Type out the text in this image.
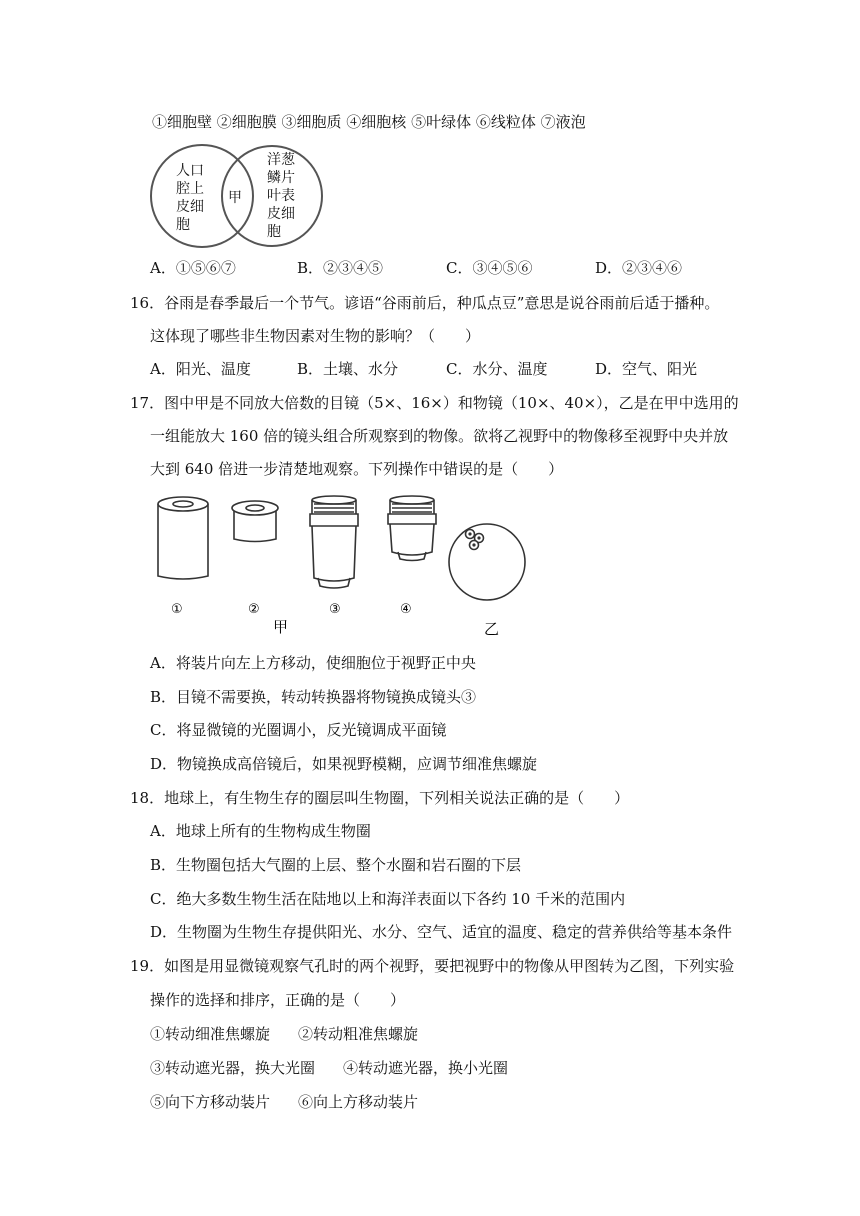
①细胞壁 ②细胞膜 ③细胞质 ④细胞核 ⑤叶绿体 ⑥线粒体 ⑦液泡
人口
腔上
皮细
胞
甲
洋葱
鳞片
叶表
皮细
胞
A．①⑤⑥⑦	B．②③④⑤	C．③④⑤⑥	D．②③④⑥
16．谷雨是春季最后一个节气。谚语“谷雨前后，种瓜点豆”意思是说谷雨前后适于播种。
这体现了哪些非生物因素对生物的影响？（　　）
A．阳光、温度	B．土壤、水分	C．水分、温度	D．空气、阳光
17．图中甲是不同放大倍数的目镜（5×、16×）和物镜（10×、40×），乙是在甲中选用的
一组能放大 160 倍的镜头组合所观察到的物像。欲将乙视野中的物像移至视野中央并放
大到 640 倍进一步清楚地观察。下列操作中错误的是（　　）
①	②	③	④
甲	乙
A．将装片向左上方移动，使细胞位于视野正中央
B．目镜不需要换，转动转换器将物镜换成镜头③
C．将显微镜的光圈调小，反光镜调成平面镜
D．物镜换成高倍镜后，如果视野模糊，应调节细准焦螺旋
18．地球上，有生物生存的圈层叫生物圈，下列相关说法正确的是（　　）
A．地球上所有的生物构成生物圈
B．生物圈包括大气圈的上层、整个水圈和岩石圈的下层
C．绝大多数生物生活在陆地以上和海洋表面以下各约 10 千米的范围内
D．生物圈为生物生存提供阳光、水分、空气、适宜的温度、稳定的营养供给等基本条件
19．如图是用显微镜观察气孔时的两个视野，要把视野中的物像从甲图转为乙图，下列实验
操作的选择和排序，正确的是（　　）
①转动细准焦螺旋 ②转动粗准焦螺旋
③转动遮光器，换大光圈 ④转动遮光器，换小光圈
⑤向下方移动装片 ⑥向上方移动装片
